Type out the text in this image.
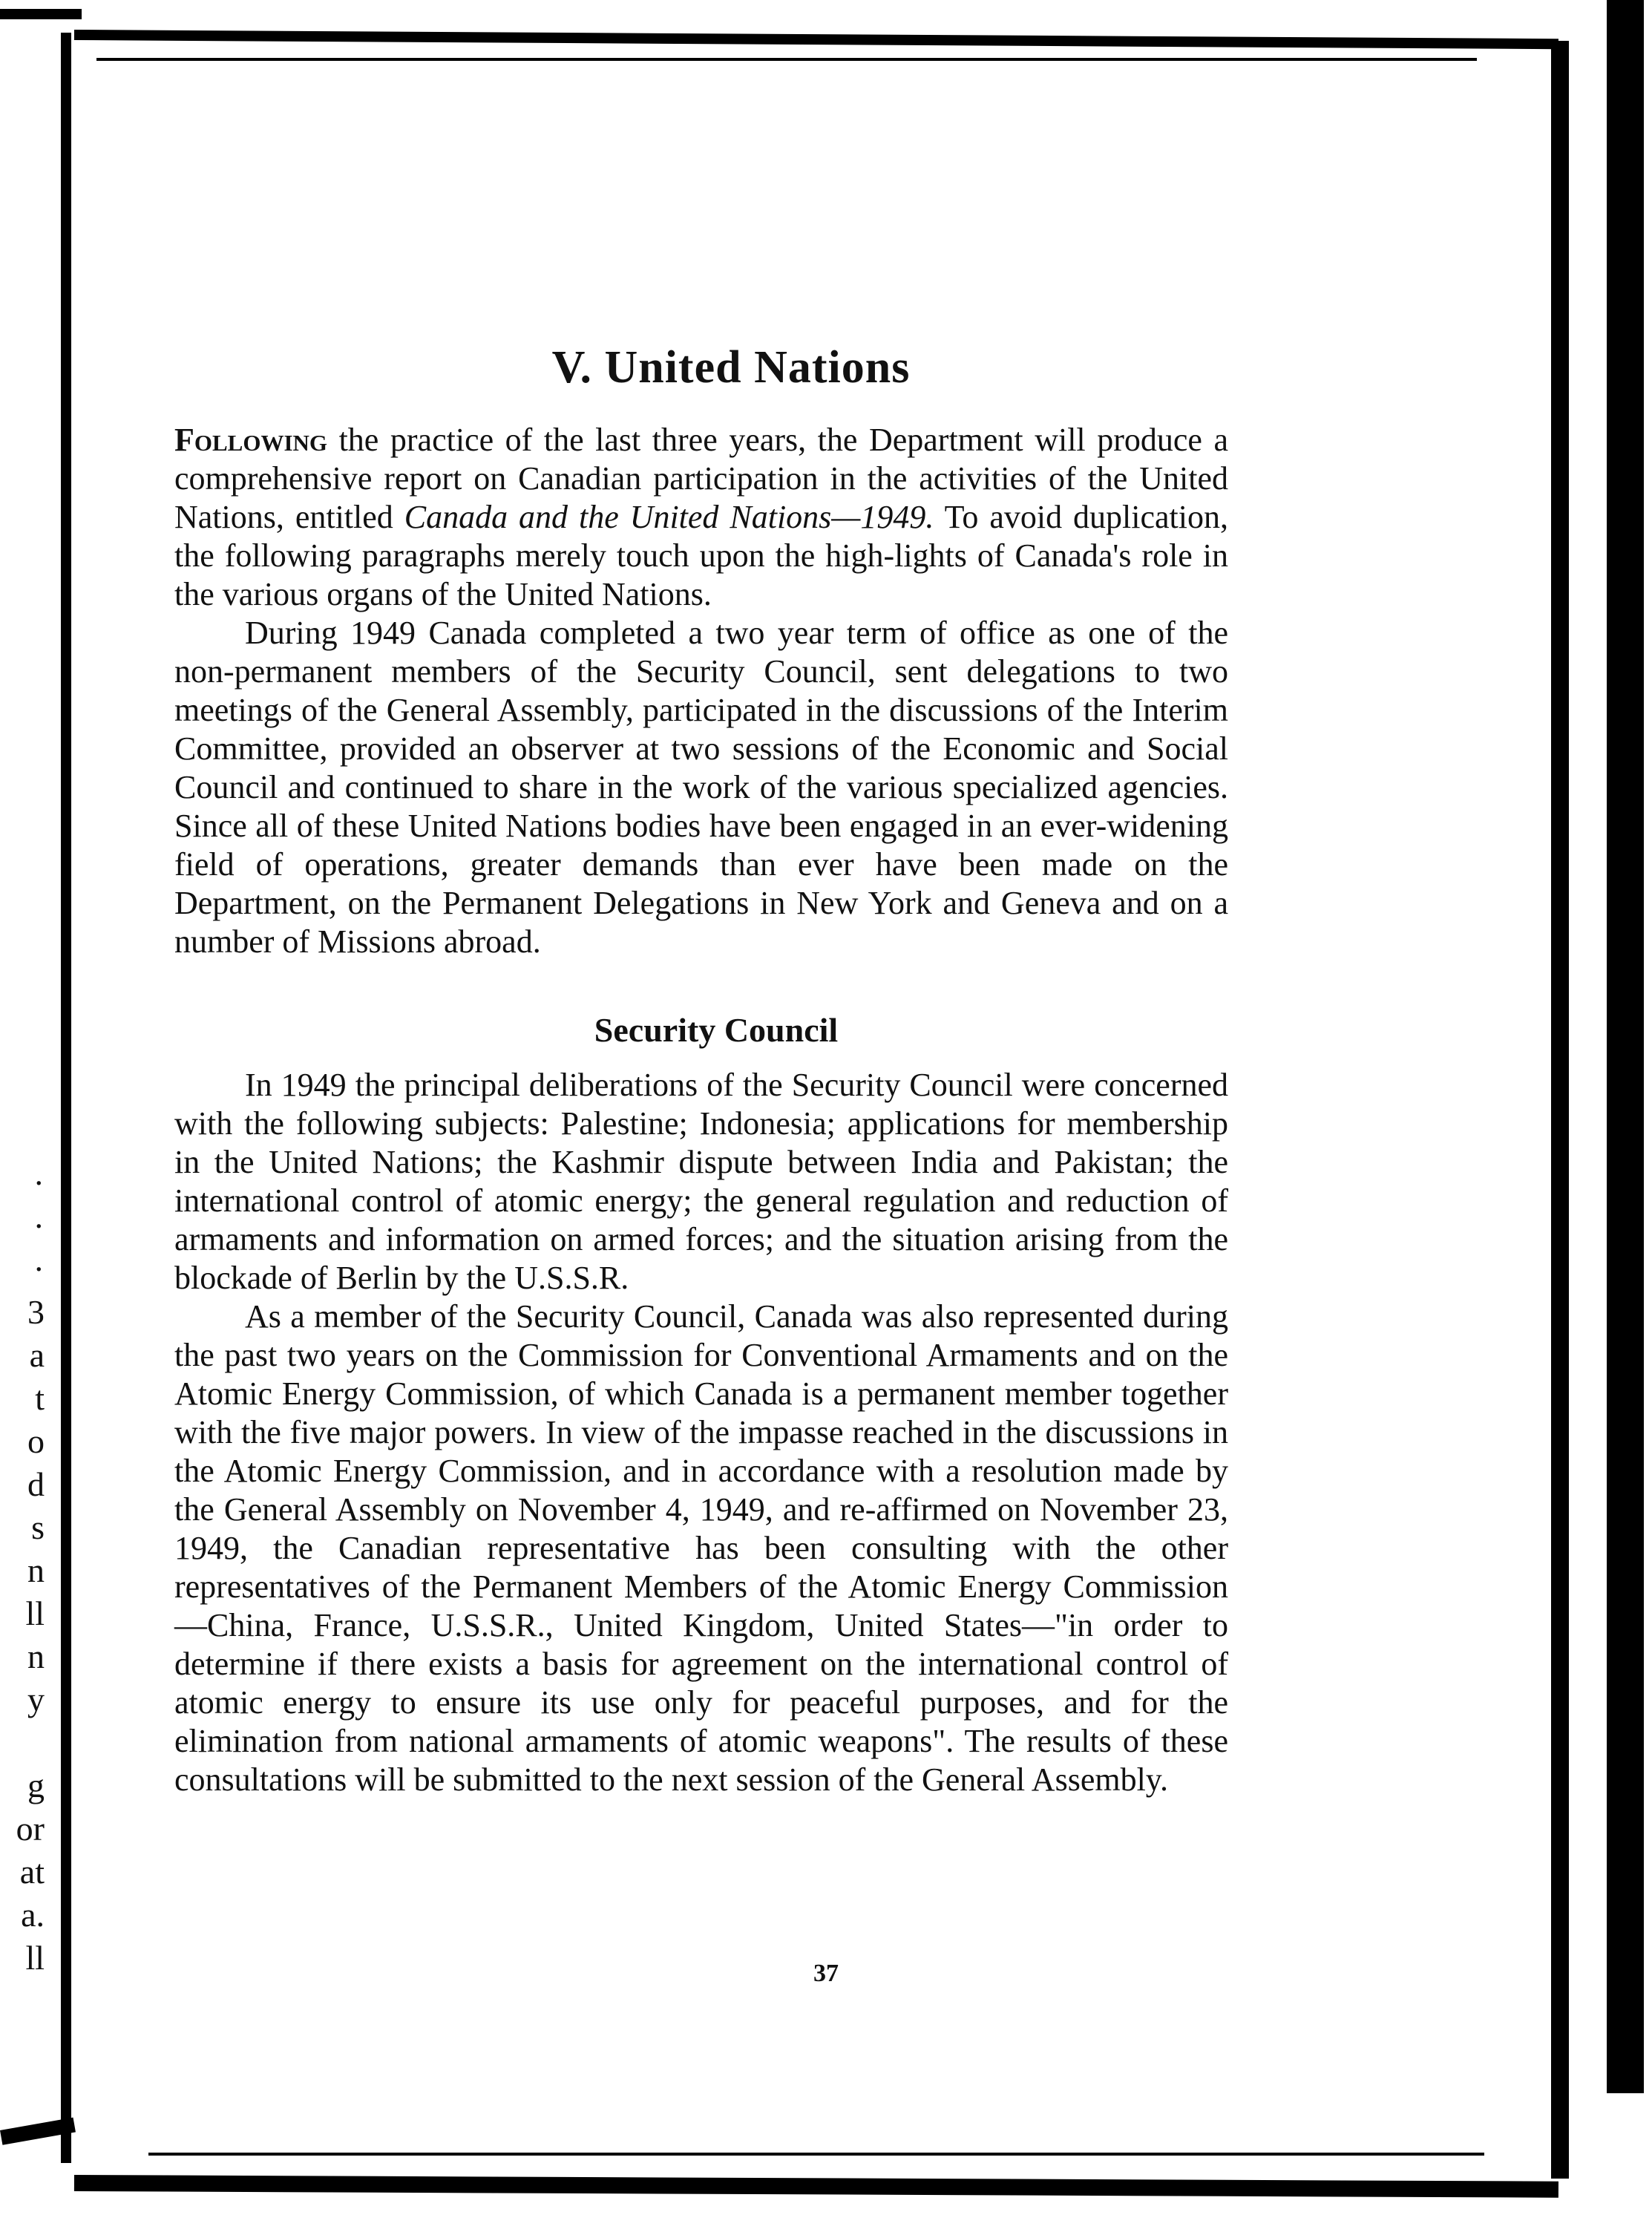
·
·
·
3
a
t
o
d
s
n
ll
n
y
g
or
at
a.
ll
V. United Nations

Following the practice of the last three years, the Department will produce a comprehensive report on Canadian participation in the activities of the United Nations, entitled Canada and the United Nations—1949. To avoid duplication, the following paragraphs merely touch upon the high-lights of Canada's role in the various organs of the United Nations.

During 1949 Canada completed a two year term of office as one of the non-permanent members of the Security Council, sent delegations to two meetings of the General Assembly, participated in the discussions of the Interim Committee, provided an observer at two sessions of the Economic and Social Council and continued to share in the work of the various specialized agencies. Since all of these United Nations bodies have been engaged in an ever-widening field of operations, greater demands than ever have been made on the Department, on the Permanent Delegations in New York and Geneva and on a number of Missions abroad.

Security Council

In 1949 the principal deliberations of the Security Council were concerned with the following subjects: Palestine; Indonesia; applications for membership in the United Nations; the Kashmir dispute between India and Pakistan; the international control of atomic energy; the general regulation and reduction of armaments and information on armed forces; and the situation arising from the blockade of Berlin by the U.S.S.R.

As a member of the Security Council, Canada was also represented during the past two years on the Commission for Conventional Armaments and on the Atomic Energy Commission, of which Canada is a permanent member together with the five major powers. In view of the impasse reached in the discussions in the Atomic Energy Commission, and in accordance with a resolution made by the General Assembly on November 4, 1949, and re-affirmed on November 23, 1949, the Canadian representative has been consulting with the other representatives of the Permanent Members of the Atomic Energy Commission—China, France, U.S.S.R., United Kingdom, United States—"in order to determine if there exists a basis for agreement on the international control of atomic energy to ensure its use only for peaceful purposes, and for the elimination from national armaments of atomic weapons". The results of these consultations will be submitted to the next session of the General Assembly.

37
